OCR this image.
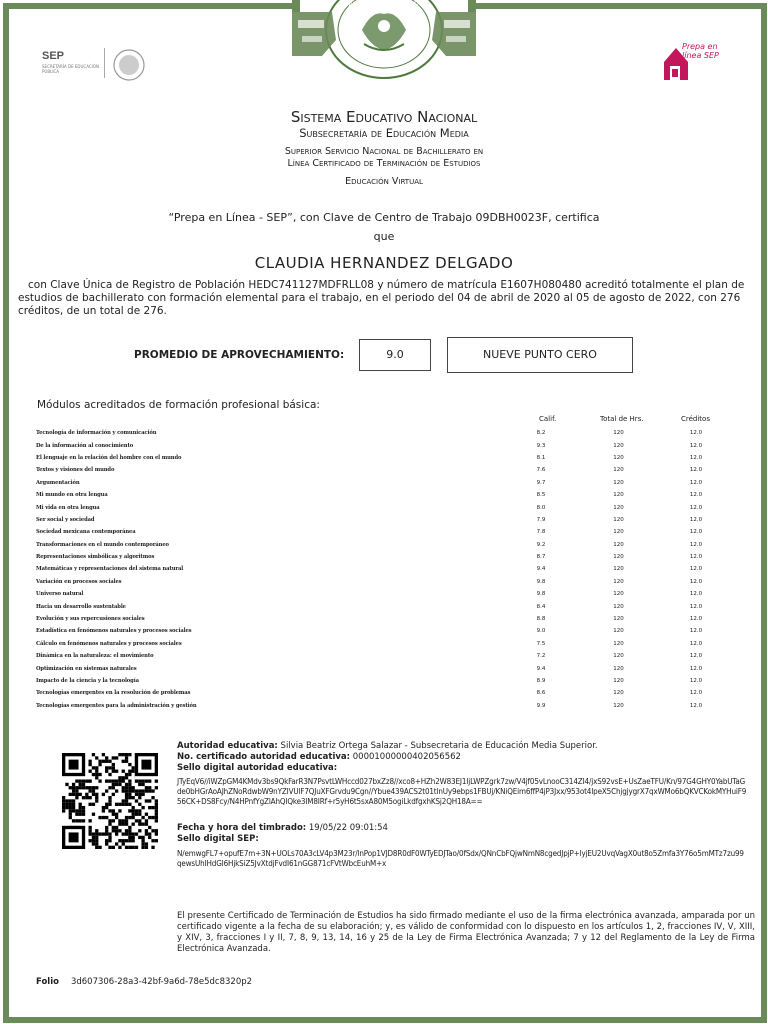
ESTADOS UNIDOS MEXICANOS
SEP
SECRETARÍA DE EDUCACIÓN PÚBLICA
Prepa en línea SEP
Sistema Educativo Nacional
Subsecretaría de Educación Media
Superior Servicio Nacional de Bachillerato en
Línea Certificado de Terminación de Estudios
Educación Virtual
“Prepa en Línea - SEP”, con Clave de Centro de Trabajo 09DBH0023F, certifica
que
CLAUDIA HERNANDEZ DELGADO
con Clave Única de Registro de Población HEDC741127MDFRLL08 y número de matrícula E1607H080480 acreditó totalmente el plan de estudios de bachillerato con formación elemental para el trabajo, en el periodo del 04 de abril de 2020 al 05 de agosto de 2022, con 276 créditos, de un total de 276.
PROMEDIO DE APROVECHAMIENTO:	9.0	NUEVE PUNTO CERO
Módulos acreditados de formación profesional básica:
Calif.	Total de Hrs.	Créditos
Tecnología de información y comunicación	8.2	120	12.0
De la información al conocimiento	9.3	120	12.0
El lenguaje en la relación del hombre con el mundo	8.1	120	12.0
Textos y visiones del mundo	7.6	120	12.0
Argumentación	9.7	120	12.0
Mi mundo en otra lengua	8.5	120	12.0
Mi vida en otra lengua	8.0	120	12.0
Ser social y sociedad	7.9	120	12.0
Sociedad mexicana contemporánea	7.8	120	12.0
Transformaciones en el mundo contemporáneo	9.2	120	12.0
Representaciones simbólicas y algoritmos	8.7	120	12.0
Matemáticas y representaciones del sistema natural	9.4	120	12.0
Variación en procesos sociales	9.8	120	12.0
Universo natural	9.8	120	12.0
Hacia un desarrollo sustentable	8.4	120	12.0
Evolución y sus repercusiones sociales	8.8	120	12.0
Estadística en fenómenos naturales y procesos sociales	9.0	120	12.0
Cálculo en fenómenos naturales y procesos sociales	7.5	120	12.0
Dinámica en la naturaleza: el movimiento	7.2	120	12.0
Optimización en sistemas naturales	9.4	120	12.0
Impacto de la ciencia y la tecnología	8.9	120	12.0
Tecnologías emergentes en la resolución de problemas	8.6	120	12.0
Tecnologías emergentes para la administración y gestión	9.9	120	12.0
Autoridad educativa: Silvia Beatriz Ortega Salazar - Subsecretaria de Educación Media Superior.
No. certificado autoridad educativa: 00001000000402056562
Sello digital autoridad educativa:
JTyEqV6//iWZpGM4KMdv3bs9QkFarR3N7PsvtLWHccd027bxZz8//xco8+HZh2W83EJ1IjLWPZgrk7zw/V4jf05vLnooC314ZI4/jxS92vsE+UsZaeTFU/Kn/97G4GHY0YabUTaGde0bHGrAoAJhZNoRdwbW9nYZIVUlF7QJuXFGrvdu9Cgn//Ybue439ACS2t01tlnUy9ebps1FBUj/KNiQEim6ffP4jP3Jxx/953ot4IpeX5ChjgjygrX7qxWMo6bQKVCKokMYHuiF956CK+DS8Fcy/N4HPnfYgZlAhQIQke3IM8IRf+r5yH6t5sxA80M5ogiLkdfgxhKSj2QH18A==
Fecha y hora del timbrado: 19/05/22 09:01:54
Sello digital SEP:
N/emwgFL7+opufE7m+3N+UOLs70A3cLV4p3M23r/lnPop1VJD8R0dF0WTyEDJTao/0fSdx/QNnCbFQjwNmN8cgedJpjP+lyjEU2UvqVagX0ut8o5Zmfa3Y76o5mMTz7zu99qewsUhIHdGI6HjkSiZ5JvXtdjFvdI61nGG871cFVtWbcEuhM+x
El presente Certificado de Terminación de Estudios ha sido firmado mediante el uso de la firma electrónica avanzada, amparada por un certificado vigente a la fecha de su elaboración; y, es válido de conformidad con lo dispuesto en los artículos 1, 2, fracciones IV, V, XIII, y XIV, 3, fracciones I y II, 7, 8, 9, 13, 14, 16 y 25 de la Ley de Firma Electrónica Avanzada; 7 y 12 del Reglamento de la Ley de Firma Electrónica Avanzada.
Folio 3d607306-28a3-42bf-9a6d-78e5dc8320p2
